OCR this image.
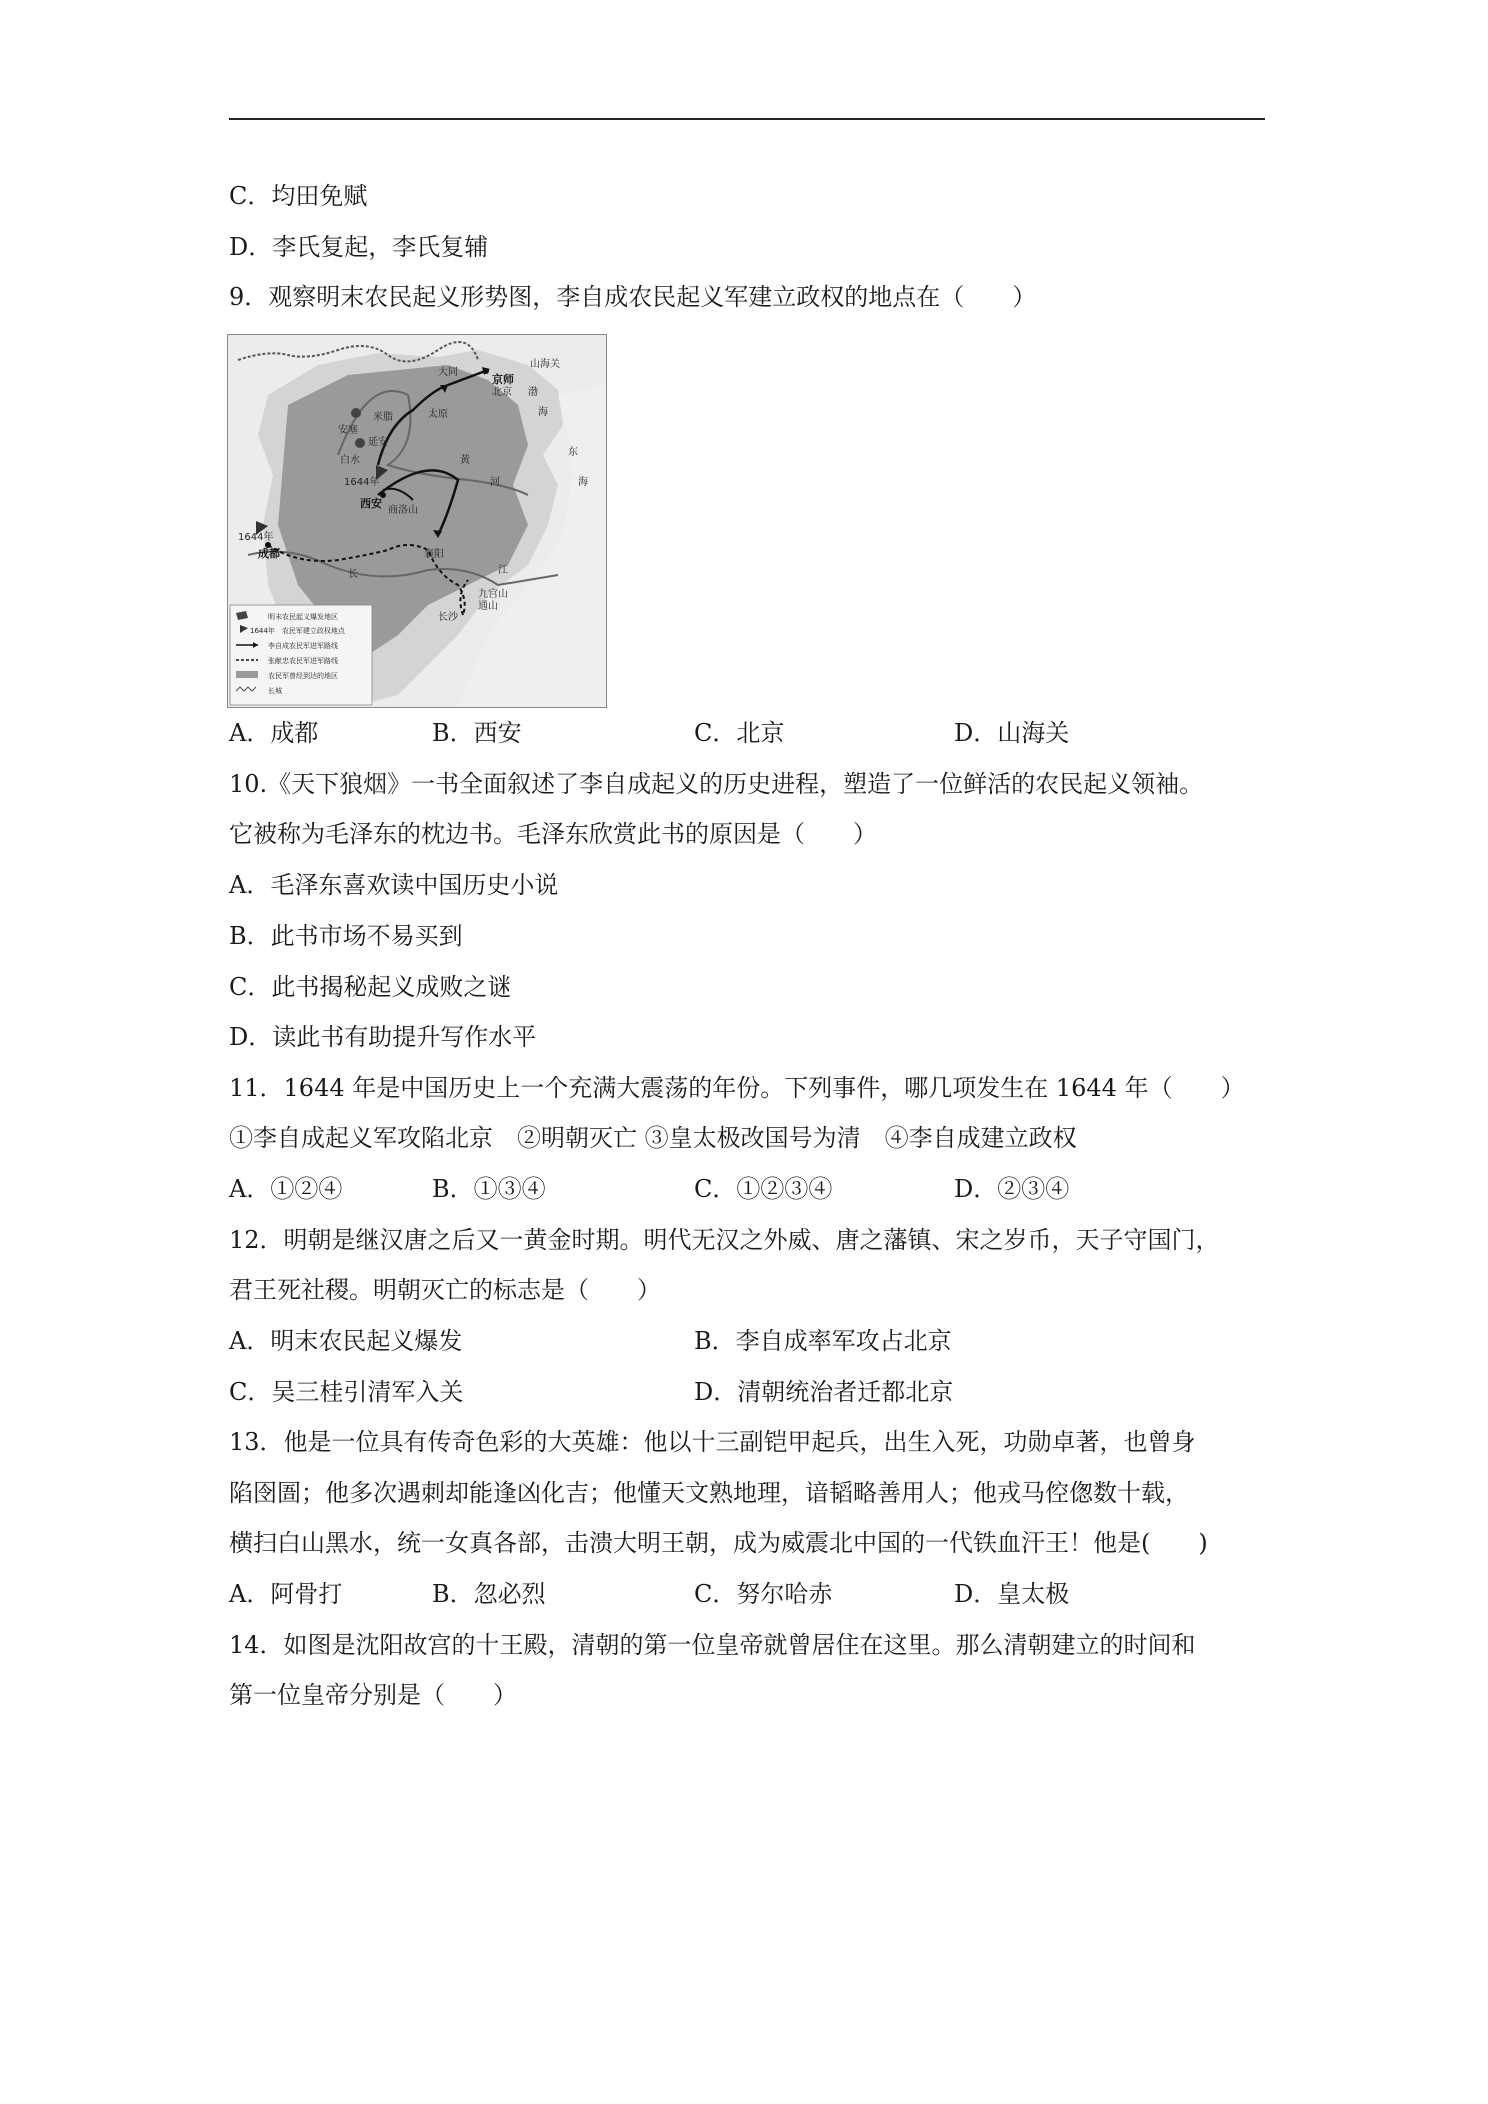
C．均田免赋
D．李氏复起，李氏复辅
9．观察明末农民起义形势图，李自成农民起义军建立政权的地点在（　　）
山海关
京师
北京
大同
太原
渤
海
东
海
安塞
米脂
延安
白水
1644年
西安
商洛山
襄阳
1644年
成都
九宫山
通山
长沙
黄
河
长	江
明末农民起义爆发地区
1644年　农民军建立政权地点
李自成农民军进军路线
张献忠农民军进军路线
农民军曾经到达的地区
长城
A．成都	B．西安	C．北京	D．山海关
10.《天下狼烟》一书全面叙述了李自成起义的历史进程，塑造了一位鲜活的农民起义领袖。
它被称为毛泽东的枕边书。毛泽东欣赏此书的原因是（　　）
A．毛泽东喜欢读中国历史小说
B．此书市场不易买到
C．此书揭秘起义成败之谜
D．读此书有助提升写作水平
11．1644 年是中国历史上一个充满大震荡的年份。下列事件，哪几项发生在 1644 年（　　）
①李自成起义军攻陷北京　②明朝灭亡 ③皇太极改国号为清　④李自成建立政权
A．①②④	B．①③④	C．①②③④	D．②③④
12．明朝是继汉唐之后又一黄金时期。明代无汉之外威、唐之藩镇、宋之岁币，天子守国门，
君王死社稷。明朝灭亡的标志是（　　）
A．明末农民起义爆发	B．李自成率军攻占北京
C．吴三桂引清军入关	D．清朝统治者迁都北京
13．他是一位具有传奇色彩的大英雄：他以十三副铠甲起兵，出生入死，功勋卓著，也曾身
陷囹圄；他多次遇刺却能逢凶化吉；他懂天文熟地理，谙韬略善用人；他戎马倥偬数十载，
横扫白山黑水，统一女真各部，击溃大明王朝，成为威震北中国的一代铁血汗王！他是(　　)
A．阿骨打	B．忽必烈	C．努尔哈赤	D．皇太极
14．如图是沈阳故宫的十王殿，清朝的第一位皇帝就曾居住在这里。那么清朝建立的时间和
第一位皇帝分别是（　　）
